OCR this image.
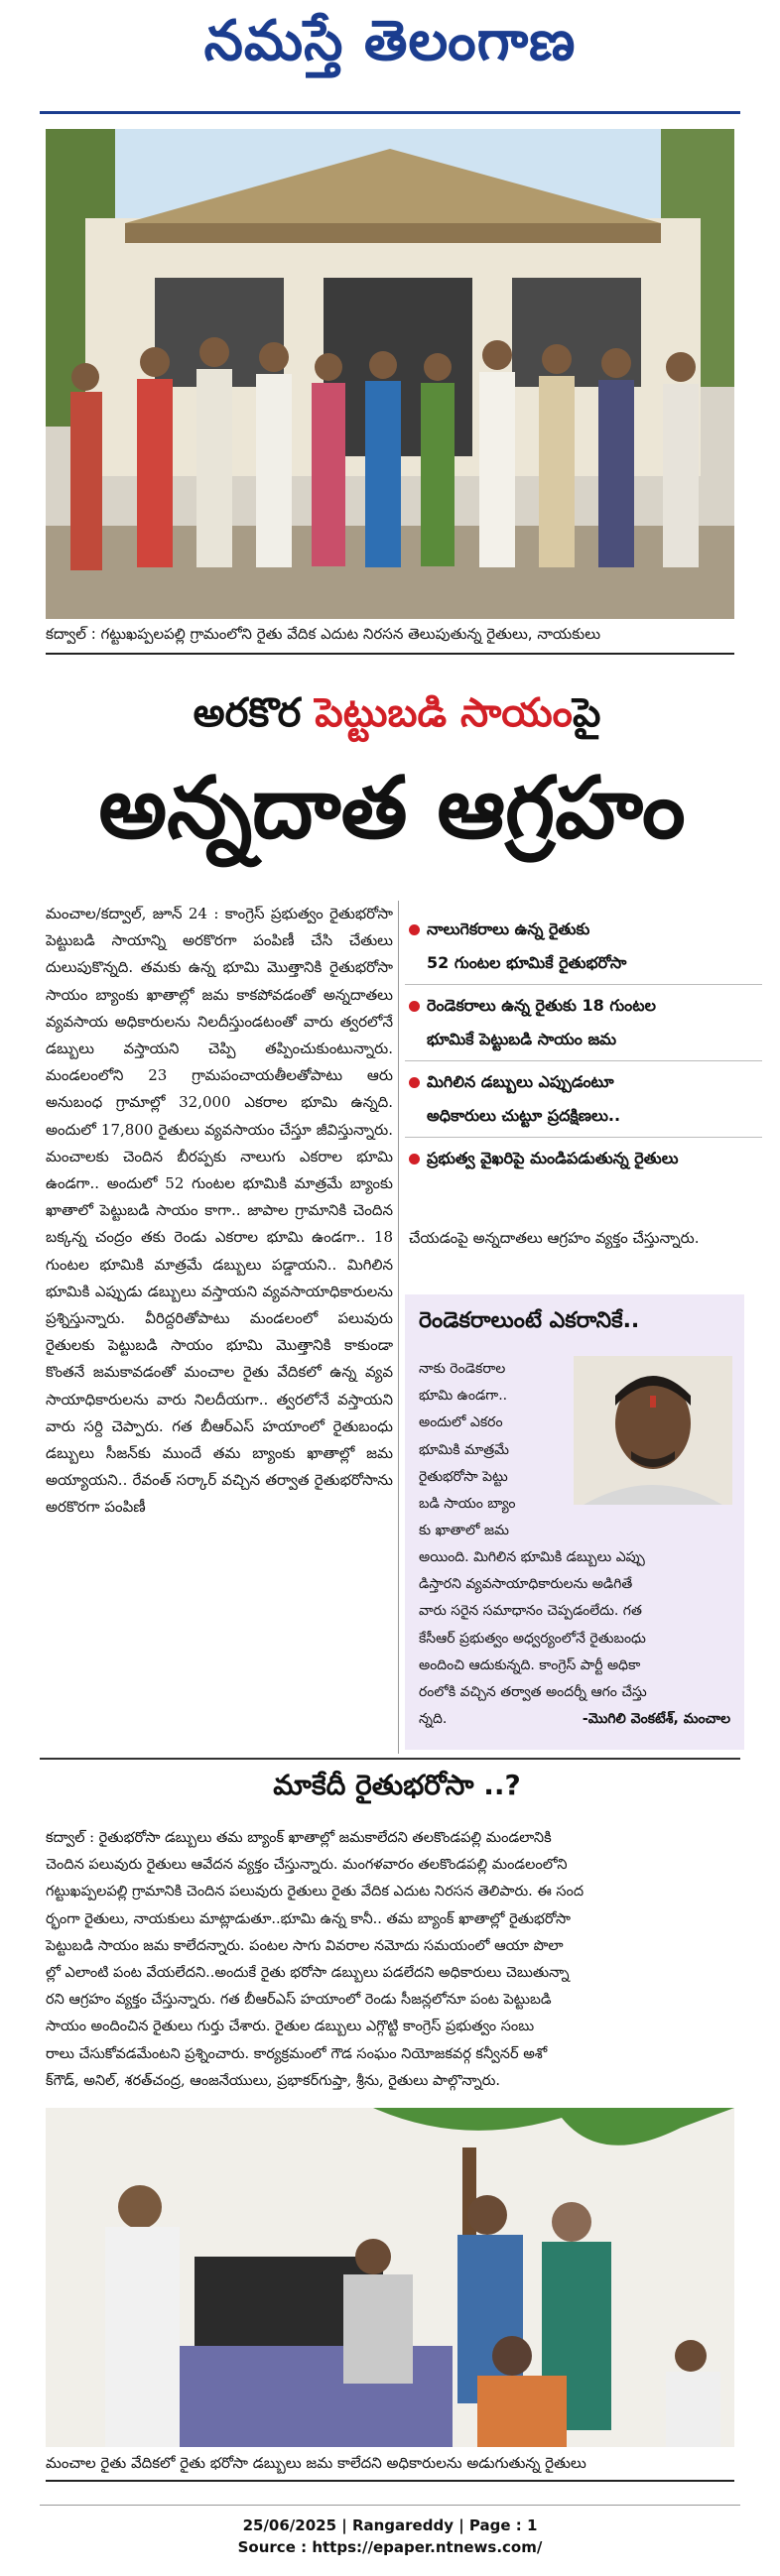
నమస్తే తెలంగాణ
కద్వాల్ : గట్టుఖప్పలపల్లి గ్రామంలోని రైతు వేదిక ఎదుట నిరసన తెలుపుతున్న రైతులు, నాయకులు
అరకొర పెట్టుబడి సాయంపై
అన్నదాత ఆగ్రహం
మంచాల/కద్వాల్, జూన్ 24 : కాంగ్రెస్ ప్రభుత్వం రైతుభరోసా పెట్టుబడి సాయాన్ని అరకొరగా పంపిణీ చేసి చేతులు దులుపుకొన్నది. తమకు ఉన్న భూమి మొత్తానికి రైతుభరోసా సాయం బ్యాంకు ఖాతాల్లో జమ కాకపోవడంతో అన్నదాతలు వ్యవసాయ అధికారులను నిలదీస్తుండటంతో వారు త్వరలోనే డబ్బులు వస్తాయని చెప్పి తప్పించుకుంటున్నారు. మండలంలోని 23 గ్రామపంచాయతీలతోపాటు ఆరు అనుబంధ గ్రామాల్లో 32,000 ఎకరాల భూమి ఉన్నది. అందులో 17,800 రైతులు వ్యవసాయం చేస్తూ జీవిస్తున్నారు. మంచాలకు చెందిన బీరప్పకు నాలుగు ఎకరాల భూమి ఉండగా.. అందులో 52 గుంటల భూమికి మాత్రమే బ్యాంకు ఖాతాలో పెట్టుబడి సాయం కాగా.. జాపాల గ్రామానికి చెందిన బక్కన్న చంద్రం తకు రెండు ఎకరాల భూమి ఉండగా.. 18 గుంటల భూమికి మాత్రమే డబ్బులు పడ్డాయని.. మిగిలిన భూమికి ఎప్పుడు డబ్బులు వస్తాయని వ్యవసాయాధికారులను ప్రశ్నిస్తున్నారు. వీరిద్దరితోపాటు మండలంలో పలువురు రైతులకు పెట్టుబడి సాయం భూమి మొత్తానికి కాకుండా కొంతనే జమకావడంతో మంచాల రైతు వేదికలో ఉన్న వ్యవ సాయాధికారులను వారు నిలదీయగా.. త్వరలోనే వస్తాయని వారు సర్ది చెప్పారు. గత బీఆర్ఎస్ హయాంలో రైతుబంధు డబ్బులు సీజన్‌కు ముందే తమ బ్యాంకు ఖాతాల్లో జమ అయ్యాయని.. రేవంత్ సర్కార్ వచ్చిన తర్వాత రైతుభరోసాను అరకొరగా పంపిణీ
నాలుగెకరాలు ఉన్న రైతుకు
52 గుంటల భూమికే రైతుభరోసా
రెండెకరాలు ఉన్న రైతుకు 18 గుంటల
భూమికే పెట్టుబడి సాయం జమ
మిగిలిన డబ్బులు ఎప్పుడంటూ
అధికారులు చుట్టూ ప్రదక్షిణలు..
ప్రభుత్వ వైఖరిపై మండిపడుతున్న రైతులు
చేయడంపై అన్నదాతలు ఆగ్రహం వ్యక్తం చేస్తున్నారు.
రెండెకరాలుంటే ఎకరానికే..
నాకు రెండెకరాల
భూమి ఉండగా..
అందులో ఎకరం
భూమికి మాత్రమే
రైతుభరోసా పెట్టు
బడి సాయం బ్యాం
కు ఖాతాలో జమ
అయింది. మిగిలిన భూమికి డబ్బులు ఎప్పు
డిస్తారని వ్యవసాయాధికారులను అడిగితే
వారు సరైన సమాధానం చెప్పడంలేదు. గత
కేసీఆర్ ప్రభుత్వం అధ్వర్యంలోనే రైతుబంధు
అందించి ఆదుకున్నది. కాంగ్రెస్ పార్టీ అధికా
రంలోకి వచ్చిన తర్వాత అందర్నీ ఆగం చేస్తు
న్నది.	-మొగిలి వెంకటేశ్, మంచాల
మాకేదీ రైతుభరోసా ..?
కద్వాల్ : రైతుభరోసా డబ్బులు తమ బ్యాంక్ ఖాతాల్లో జమకాలేదని తలకొండపల్లి మండలానికి
చెందిన పలువురు రైతులు ఆవేదన వ్యక్తం చేస్తున్నారు. మంగళవారం తలకొండపల్లి మండలంలోని
గట్టుఖప్పలపల్లి గ్రామానికి చెందిన పలువురు రైతులు రైతు వేదిక ఎదుట నిరసన తెలిపారు. ఈ సంద
ర్భంగా రైతులు, నాయకులు మాట్లాడుతూ..భూమి ఉన్న కానీ.. తమ బ్యాంక్ ఖాతాల్లో రైతుభరోసా
పెట్టుబడి సాయం జమ కాలేదన్నారు. పంటల సాగు వివరాల నమోదు సమయంలో ఆయా పొలా
ల్లో ఎలాంటి పంట వేయలేదని..అందుకే రైతు భరోసా డబ్బులు పడలేదని అధికారులు చెబుతున్నా
రని ఆగ్రహం వ్యక్తం చేస్తున్నారు. గత బీఆర్ఎస్ హయాంలో రెండు సీజన్లలోనూ పంట పెట్టుబడి
సాయం అందించిన రైతులు గుర్తు చేశారు. రైతుల డబ్బులు ఎగ్గొట్టి కాంగ్రెస్ ప్రభుత్వం సంబు
రాలు చేసుకోవడమేంటని ప్రశ్నించారు. కార్యక్రమంలో గౌడ సంఘం నియోజకవర్గ కన్వీనర్ అశో
క్‌గౌడ్, అనిల్, శరత్‌చంద్ర, ఆంజనేయులు, ప్రభాకర్‌గుప్తా, శ్రీను, రైతులు పాల్గొన్నారు.
మంచాల రైతు వేదికలో రైతు భరోసా డబ్బులు జమ కాలేదని అధికారులను అడుగుతున్న రైతులు
25/06/2025 | Rangareddy | Page : 1
Source : https://epaper.ntnews.com/
